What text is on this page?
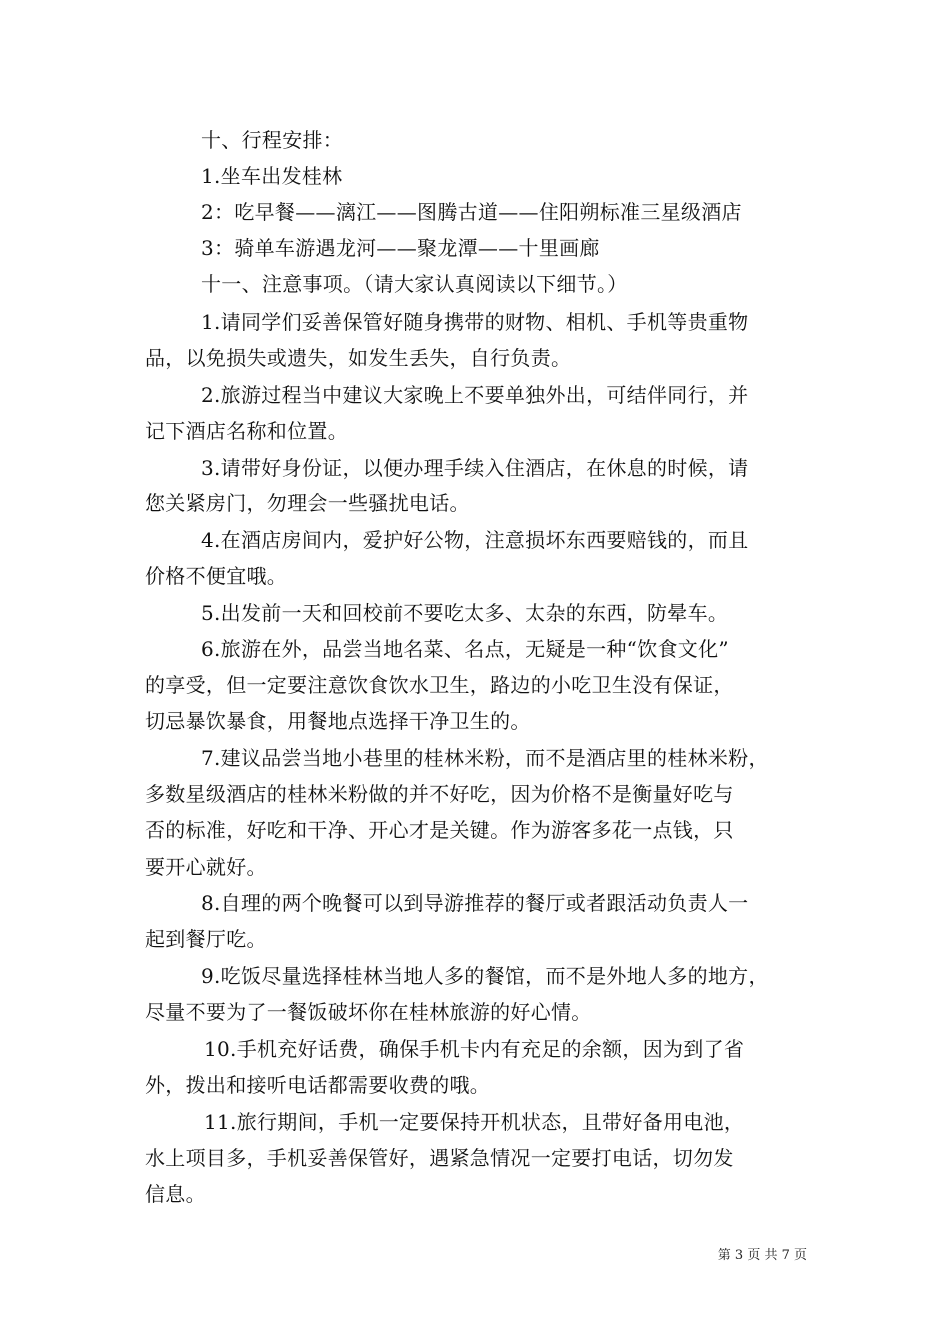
十、行程安排：
1.坐车出发桂林
2：吃早餐——漓江——图腾古道——住阳朔标准三星级酒店
3：骑单车游遇龙河——聚龙潭——十里画廊
十一、注意事项。（请大家认真阅读以下细节。）
1.请同学们妥善保管好随身携带的财物、相机、手机等贵重物
品，以免损失或遗失，如发生丢失，自行负责。
2.旅游过程当中建议大家晚上不要单独外出，可结伴同行，并
记下酒店名称和位置。
3.请带好身份证，以便办理手续入住酒店，在休息的时候，请
您关紧房门，勿理会一些骚扰电话。
4.在酒店房间内，爱护好公物，注意损坏东西要赔钱的，而且
价格不便宜哦。
5.出发前一天和回校前不要吃太多、太杂的东西，防晕车。
6.旅游在外，品尝当地名菜、名点，无疑是一种“饮食文化”
的享受，但一定要注意饮食饮水卫生，路边的小吃卫生没有保证，
切忌暴饮暴食，用餐地点选择干净卫生的。
7.建议品尝当地小巷里的桂林米粉，而不是酒店里的桂林米粉，
多数星级酒店的桂林米粉做的并不好吃，因为价格不是衡量好吃与
否的标准，好吃和干净、开心才是关键。作为游客多花一点钱，只
要开心就好。
8.自理的两个晚餐可以到导游推荐的餐厅或者跟活动负责人一
起到餐厅吃。
9.吃饭尽量选择桂林当地人多的餐馆，而不是外地人多的地方，
尽量不要为了一餐饭破坏你在桂林旅游的好心情。
10.手机充好话费，确保手机卡内有充足的余额，因为到了省
外，拨出和接听电话都需要收费的哦。
11.旅行期间，手机一定要保持开机状态，且带好备用电池，
水上项目多，手机妥善保管好，遇紧急情况一定要打电话，切勿发
信息。
第 3 页 共 7 页
